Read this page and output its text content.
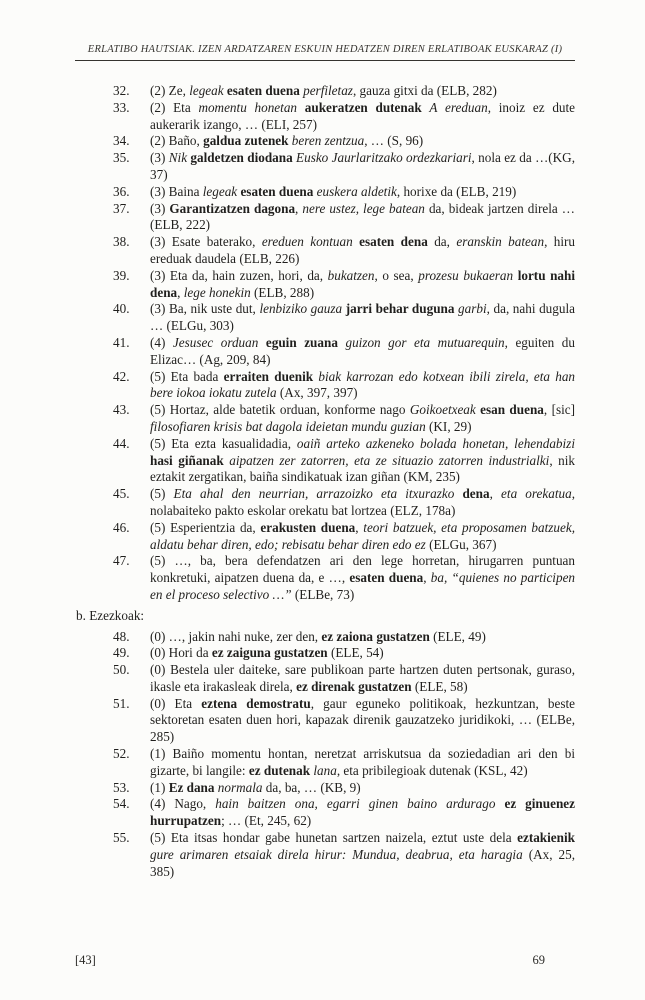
ERLATIBO HAUTSIAK. IZEN ARDATZAREN ESKUIN HEDATZEN DIREN ERLATIBOAK EUSKARAZ (I)
32.	(2) Ze, legeak esaten duena perfiletaz, gauza gitxi da (ELB, 282)

33.	(2) Eta momentu honetan aukeratzen dutenak A ereduan, inoiz ez dute aukerarik izango, … (ELI, 257)

34.	(2) Baño, galdua zutenek beren zentzua, … (S, 96)

35.	(3) Nik galdetzen diodana Eusko Jaurlaritzako ordezkariari, nola ez da …(KG, 37)

36.	(3) Baina legeak esaten duena euskera aldetik, horixe da (ELB, 219)

37.	(3) Garantizatzen dagona, nere ustez, lege batean da, bideak jartzen direla … (ELB, 222)

38.	(3) Esate baterako, ereduen kontuan esaten dena da, eranskin batean, hiru ereduak daudela (ELB, 226)

39.	(3) Eta da, hain zuzen, hori, da, bukatzen, o sea, prozesu bukaeran lortu nahi dena, lege honekin (ELB, 288)

40.	(3) Ba, nik uste dut, lenbiziko gauza jarri behar duguna garbi, da, nahi dugula … (ELGu, 303)

41.	(4) Jesusec orduan eguin zuana guizon gor eta mutuarequin, eguiten du Elizac… (Ag, 209, 84)

42.	(5) Eta bada erraiten duenik biak karrozan edo kotxean ibili zirela, eta han bere iokoa iokatu zutela (Ax, 397, 397)

43.	(5) Hortaz, alde batetik orduan, konforme nago Goikoetxeak esan duena, [sic] filosofiaren krisis bat dagola ideietan mundu guzian (KI, 29)

44.	(5) Eta ezta kasualidadia, oaiñ arteko azkeneko bolada honetan, lehendabizi hasi giñanak aipatzen zer zatorren, eta ze situazio zatorren industrialki, nik eztakit zergatikan, baiña sindikatuak izan giñan (KM, 235)

45.	(5) Eta ahal den neurrian, arrazoizko eta itxurazko dena, eta orekatua, nolabaiteko pakto eskolar orekatu bat lortzea (ELZ, 178a)

46.	(5) Esperientzia da, erakusten duena, teori batzuek, eta proposamen batzuek, aldatu behar diren, edo; rebisatu behar diren edo ez (ELGu, 367)

47.	(5) …, ba, bera defendatzen ari den lege horretan, hirugarren puntuan konkretuki, aipatzen duena da, e …, esaten duena, ba, “quienes no participen en el proceso selectivo …” (ELBe, 73)

b. Ezezkoak:
48.	(0) …, jakin nahi nuke, zer den, ez zaiona gustatzen (ELE, 49)

49.	(0) Hori da ez zaiguna gustatzen (ELE, 54)

50.	(0) Bestela uler daiteke, sare publikoan parte hartzen duten pertsonak, guraso, ikasle eta irakasleak direla, ez direnak gustatzen (ELE, 58)

51.	(0) Eta eztena demostratu, gaur eguneko politikoak, hezkuntzan, beste sektoretan esaten duen hori, kapazak direnik gauzatzeko juridikoki, … (ELBe, 285)

52.	(1) Baiño momentu hontan, neretzat arriskutsua da soziedadian ari den bi gizarte, bi langile: ez dutenak lana, eta pribilegioak dutenak (KSL, 42)

53.	(1) Ez dana normala da, ba, … (KB, 9)

54.	(4) Nago, hain baitzen ona, egarri ginen baino ardurago ez ginuenez hurrupatzen; … (Et, 245, 62)

55.	(5) Eta itsas hondar gabe hunetan sartzen naizela, eztut uste dela eztakienik gure arimaren etsaiak direla hirur: Mundua, deabrua, eta haragia (Ax, 25, 385)

[43]	69
